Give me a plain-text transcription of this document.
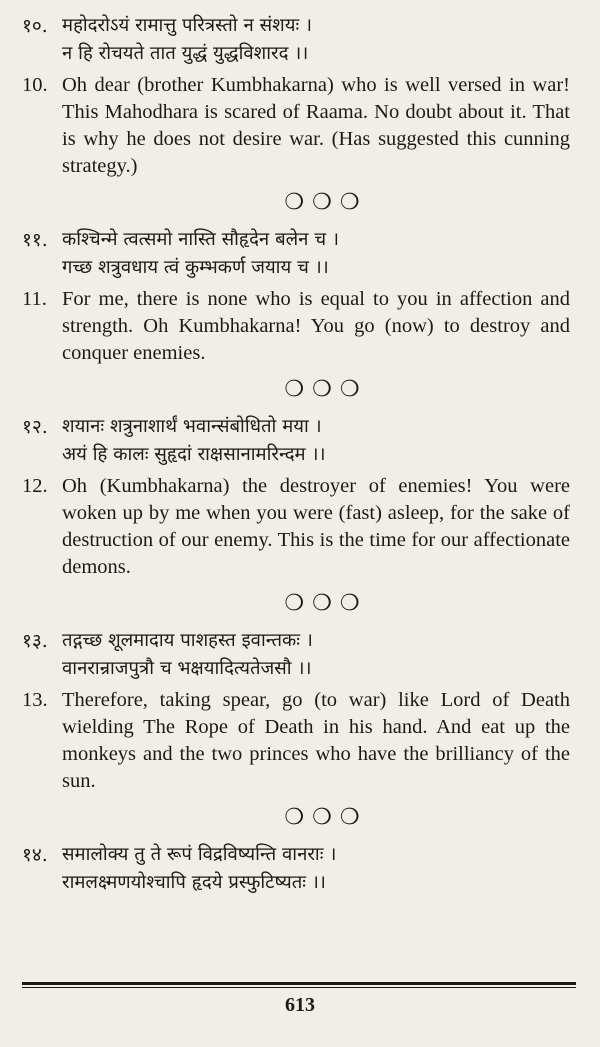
१०. महोदरोऽयं रामात्तु परित्रस्तो न संशयः ।
न हि रोचयते तात युद्धं युद्धविशारद ।।
10. Oh dear (brother Kumbhakarna) who is well versed in war! This Mahodhara is scared of Raama. No doubt about it. That is why he does not desire war. (Has suggested this cunning strategy.)
❍❍❍
११. कश्चिन्मे त्वत्समो नास्ति सौहृदेन बलेन च ।
गच्छ शत्रुवधाय त्वं कुम्भकर्ण जयाय च ।।
11. For me, there is none who is equal to you in affection and strength. Oh Kumbhakarna! You go (now) to destroy and conquer enemies.
❍❍❍
१२. शयानः शत्रुनाशार्थं भवान्संबोधितो मया ।
अयं हि कालः सुहृदां राक्षसानामरिन्दम ।।
12. Oh (Kumbhakarna) the destroyer of enemies! You were woken up by me when you were (fast) asleep, for the sake of destruction of our enemy. This is the time for our affectionate demons.
❍❍❍
१३. तद्गच्छ शूलमादाय पाशहस्त इवान्तकः ।
वानरान्राजपुत्रौ च भक्षयादित्यतेजसौ ।।
13. Therefore, taking spear, go (to war) like Lord of Death wielding The Rope of Death in his hand. And eat up the monkeys and the two princes who have the brilliancy of the sun.
❍❍❍
१४. समालोक्य तु ते रूपं विद्रविष्यन्ति वानराः ।
रामलक्ष्मणयोश्चापि हृदये प्रस्फुटिष्यतः ।।
613
